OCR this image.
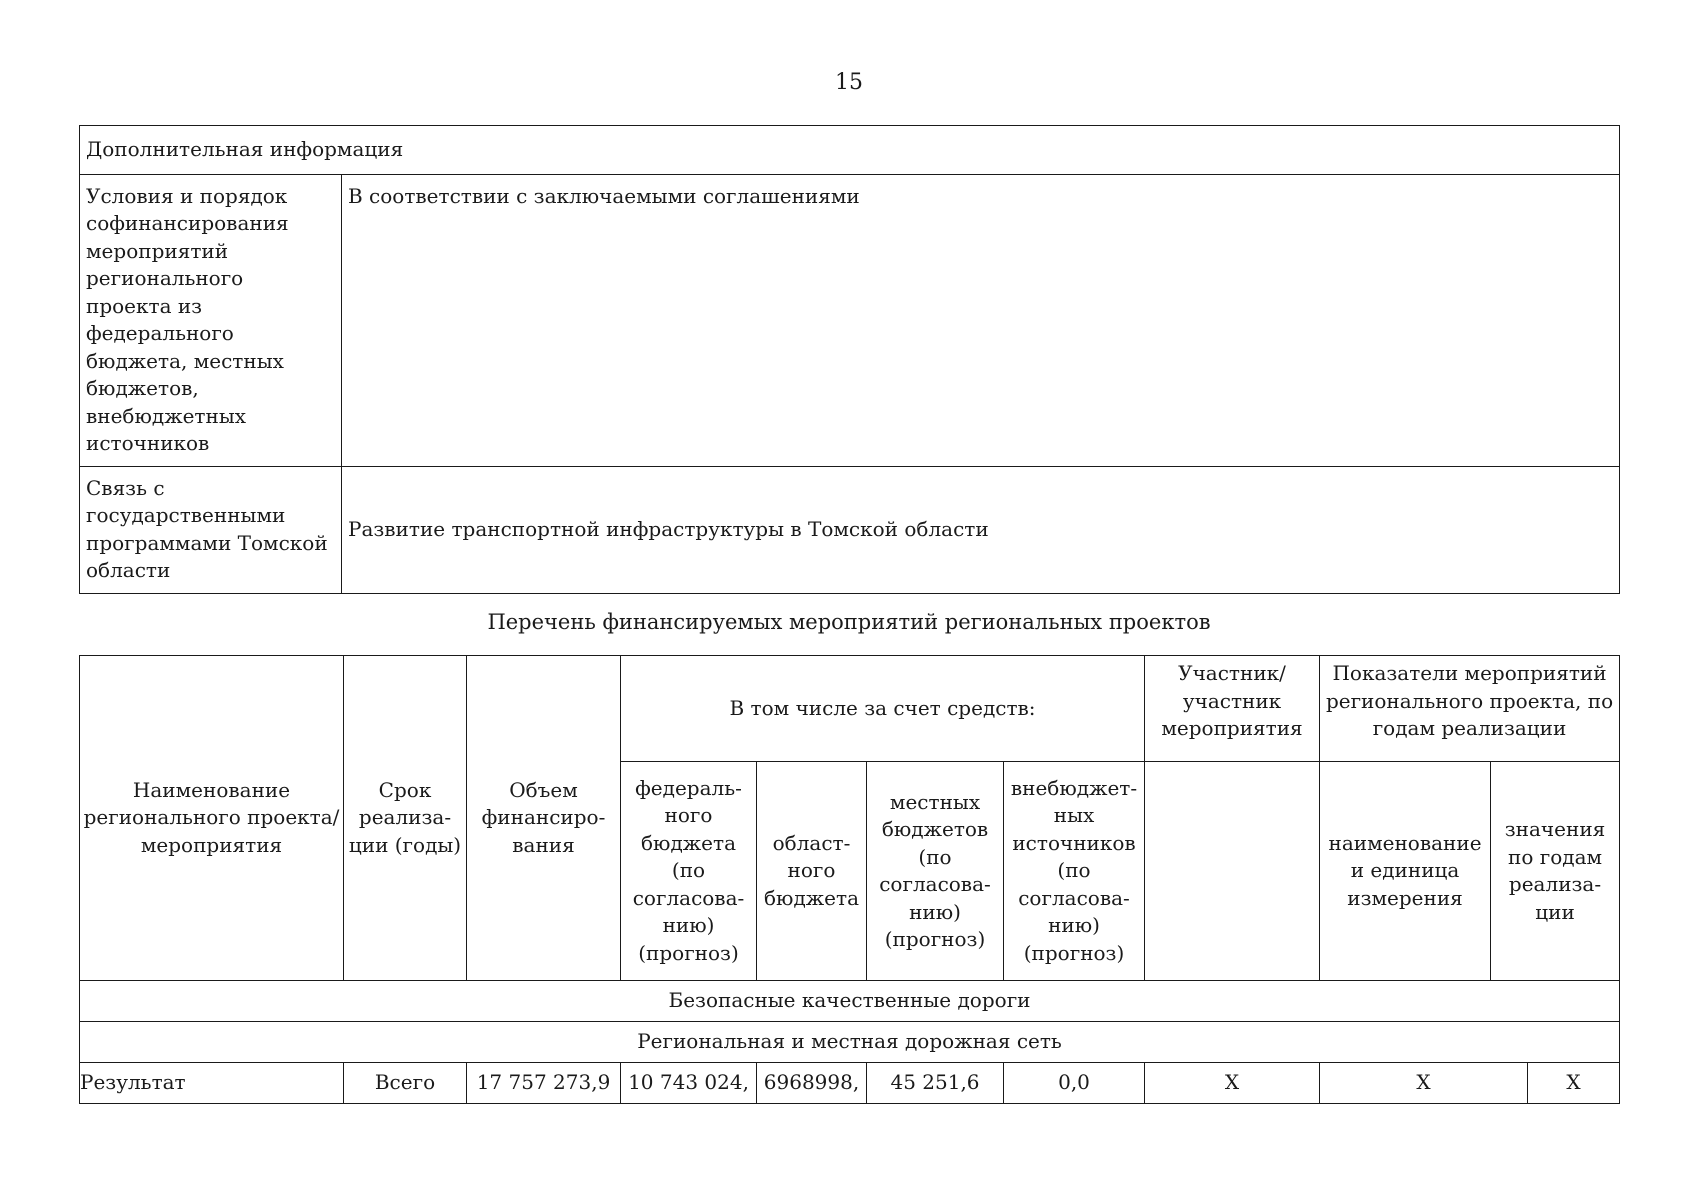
15
Дополнительная информация	
Условия и порядок софинансирования мероприятий регионального проекта из федерального бюджета, местных бюджетов, внебюджетных источников	В соответствии с заключаемыми соглашениями
Связь с государственными программами Томской области	Развитие транспортной инфраструктуры в Томской области
Перечень финансируемых мероприятий региональных проектов
Наименование регионального проекта/ мероприятия	Срок реализа- ции (годы)	Объем финансиро- вания	В том числе за счет средств:				Участник/ участник мероприятия	Показатели мероприятий регионального проекта, по годам реализации		
			федераль- ного бюджета (по согласова- нию) (прогноз)	област- ного бюджета	местных бюджетов (по согласова- нию) (прогноз)	внебюджет- ных источников (по согласова- нию) (прогноз)		наименование и единица измерения	значения по годам реализа- ции	
Безопасные качественные дороги										
Региональная и местная дорожная сеть										
Результат	Всего	17 757 273,9	10 743 024,	6968998,	45 251,6	0,0	X	X		X
